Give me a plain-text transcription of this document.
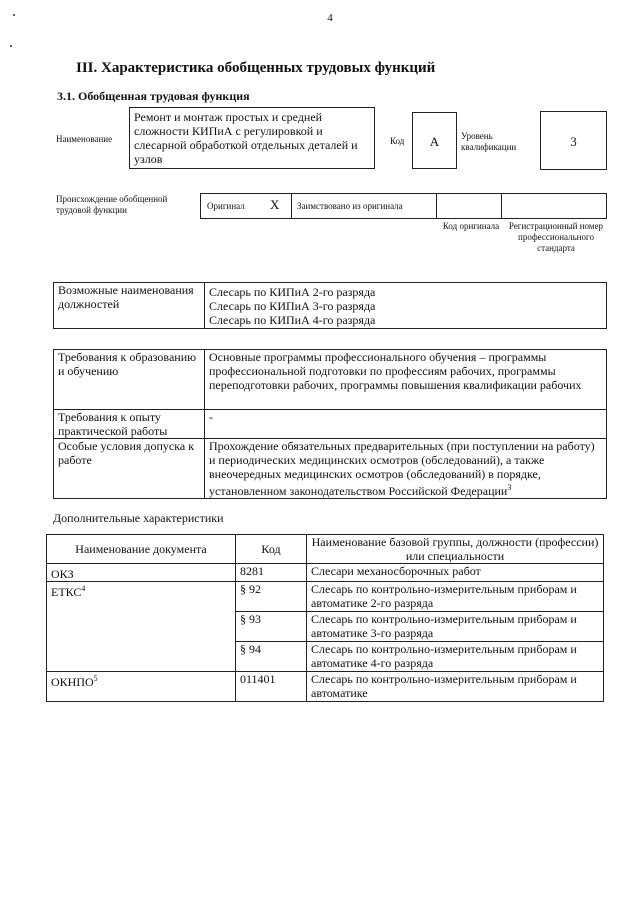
4
III. Характеристика обобщенных трудовых функций
3.1. Обобщенная трудовая функция
Наименование
Ремонт и монтаж простых и средней сложности КИПиА с регулировкой и слесарной обработкой отдельных деталей и узлов
Код	А	Уровень квалификации	3
Происхождение обобщенной трудовой функции	Оригинал Х Заимствовано из оригинала
Код оригинала	Регистрационный номер профессионального стандарта
Возможные наименования должностей	
Слесарь по КИПиА 2-го разряда
Слесарь по КИПиА 3-го разряда
Слесарь по КИПиА 4-го разряда
Требования к образованию и обучению	Основные программы профессионального обучения – программы профессиональной подготовки по профессиям рабочих, программы переподготовки рабочих, программы повышения квалификации рабочих
Требования к опыту практической работы	-
Особые условия допуска к работе	Прохождение обязательных предварительных (при поступлении на работу) и периодических медицинских осмотров (обследований), а также внеочередных медицинских осмотров (обследований) в порядке, установленном законодательством Российской Федерации$^3$
Дополнительные характеристики
Наименование документа	Код	Наименование базовой группы, должности (профессии) или специальности
ОКЗ	8281	Слесари механосборочных работ
ЕТКС$^4$	§ 92	Слесарь по контрольно-измерительным приборам и автоматике 2-го разряда
	§ 93	Слесарь по контрольно-измерительным приборам и автоматике 3-го разряда
	§ 94	Слесарь по контрольно-измерительным приборам и автоматике 4-го разряда
ОКНПО$^5$	011401	Слесарь по контрольно-измерительным приборам и автоматике
